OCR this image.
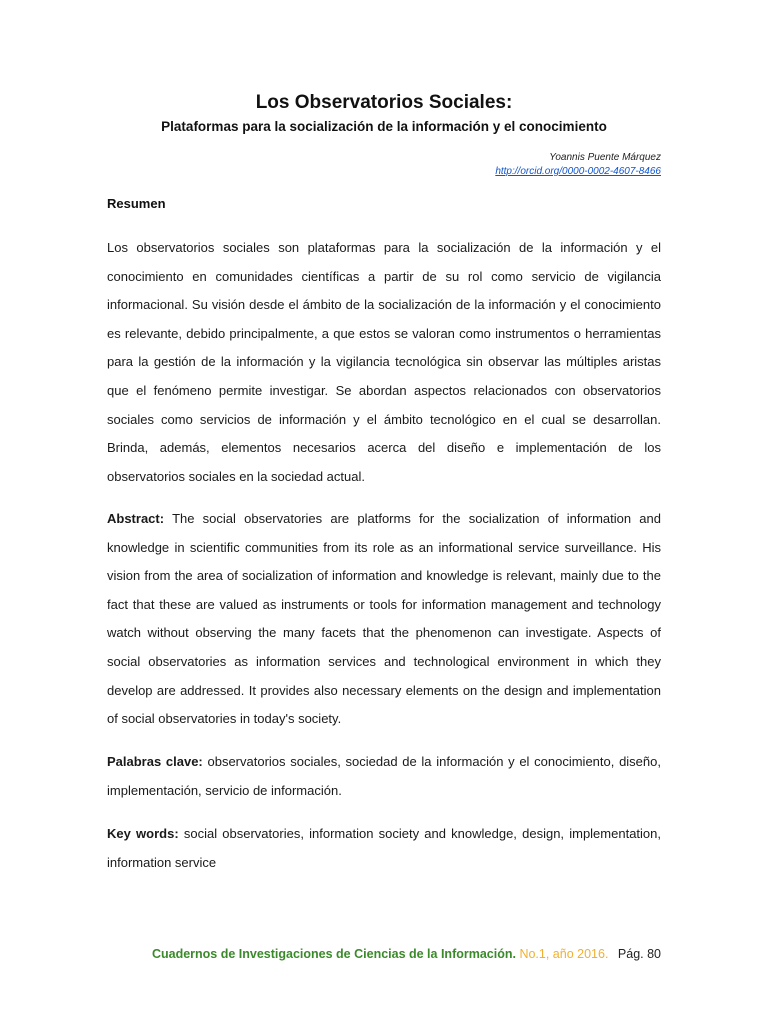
Los Observatorios Sociales:
Plataformas para la socialización de la información y el conocimiento
Yoannis Puente Márquez
http://orcid.org/0000-0002-4607-8466
Resumen

Los observatorios sociales son plataformas para la socialización de la información y el conocimiento en comunidades científicas a partir de su rol como servicio de vigilancia informacional. Su visión desde el ámbito de la socialización de la información y el conocimiento es relevante, debido principalmente, a que estos se valoran como instrumentos o herramientas para la gestión de la información y la vigilancia tecnológica sin observar las múltiples aristas que el fenómeno permite investigar. Se abordan aspectos relacionados con observatorios sociales como servicios de información y el ámbito tecnológico en el cual se desarrollan. Brinda, además, elementos necesarios acerca del diseño e implementación de los observatorios sociales en la sociedad actual.

Abstract: The social observatories are platforms for the socialization of information and knowledge in scientific communities from its role as an informational service surveillance. His vision from the area of socialization of information and knowledge is relevant, mainly due to the fact that these are valued as instruments or tools for information management and technology watch without observing the many facets that the phenomenon can investigate. Aspects of social observatories as information services and technological environment in which they develop are addressed. It provides also necessary elements on the design and implementation of social observatories in today's society.

Palabras clave: observatorios sociales, sociedad de la información y el conocimiento, diseño, implementación, servicio de información.

Key words: social observatories, information society and knowledge, design, implementation, information service

Cuadernos de Investigaciones de Ciencias de la Información. No.1, año 2016. Pág. 80
